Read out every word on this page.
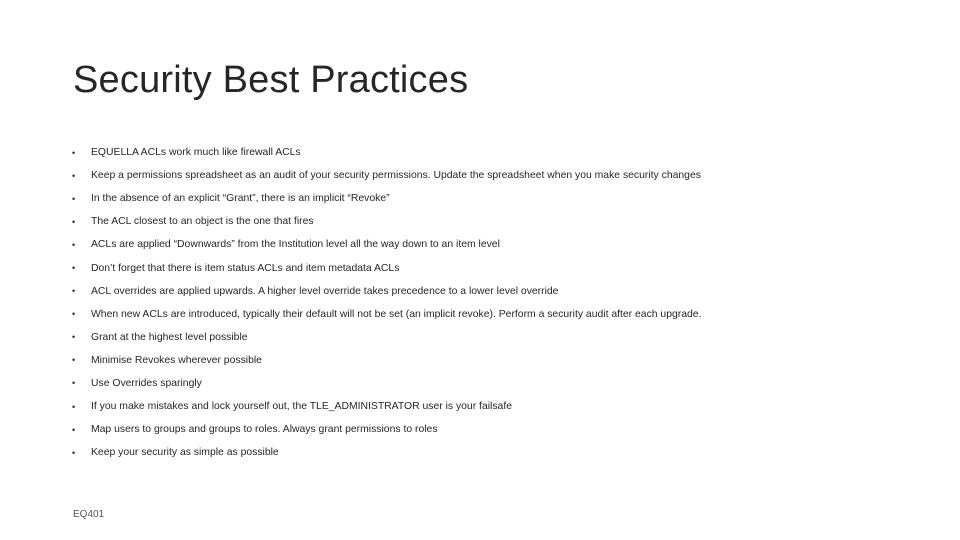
Security Best Practices
•	EQUELLA ACLs work much like firewall ACLs
•	Keep a permissions spreadsheet as an audit of your security permissions. Update the spreadsheet when you make security changes
•	In the absence of an explicit “Grant”, there is an implicit “Revoke”
•	The ACL closest to an object is the one that fires
•	ACLs are applied “Downwards” from the Institution level all the way down to an item level
•	Don’t forget that there is item status ACLs and item metadata ACLs
•	ACL overrides are applied upwards. A higher level override takes precedence to a lower level override
•	When new ACLs are introduced, typically their default will not be set (an implicit revoke). Perform a security audit after each upgrade.
•	Grant at the highest level possible
•	Minimise Revokes wherever possible
•	Use Overrides sparingly
•	If you make mistakes and lock yourself out, the TLE_ADMINISTRATOR user is your failsafe
•	Map users to groups and groups to roles. Always grant permissions to roles
•	Keep your security as simple as possible
EQ401
